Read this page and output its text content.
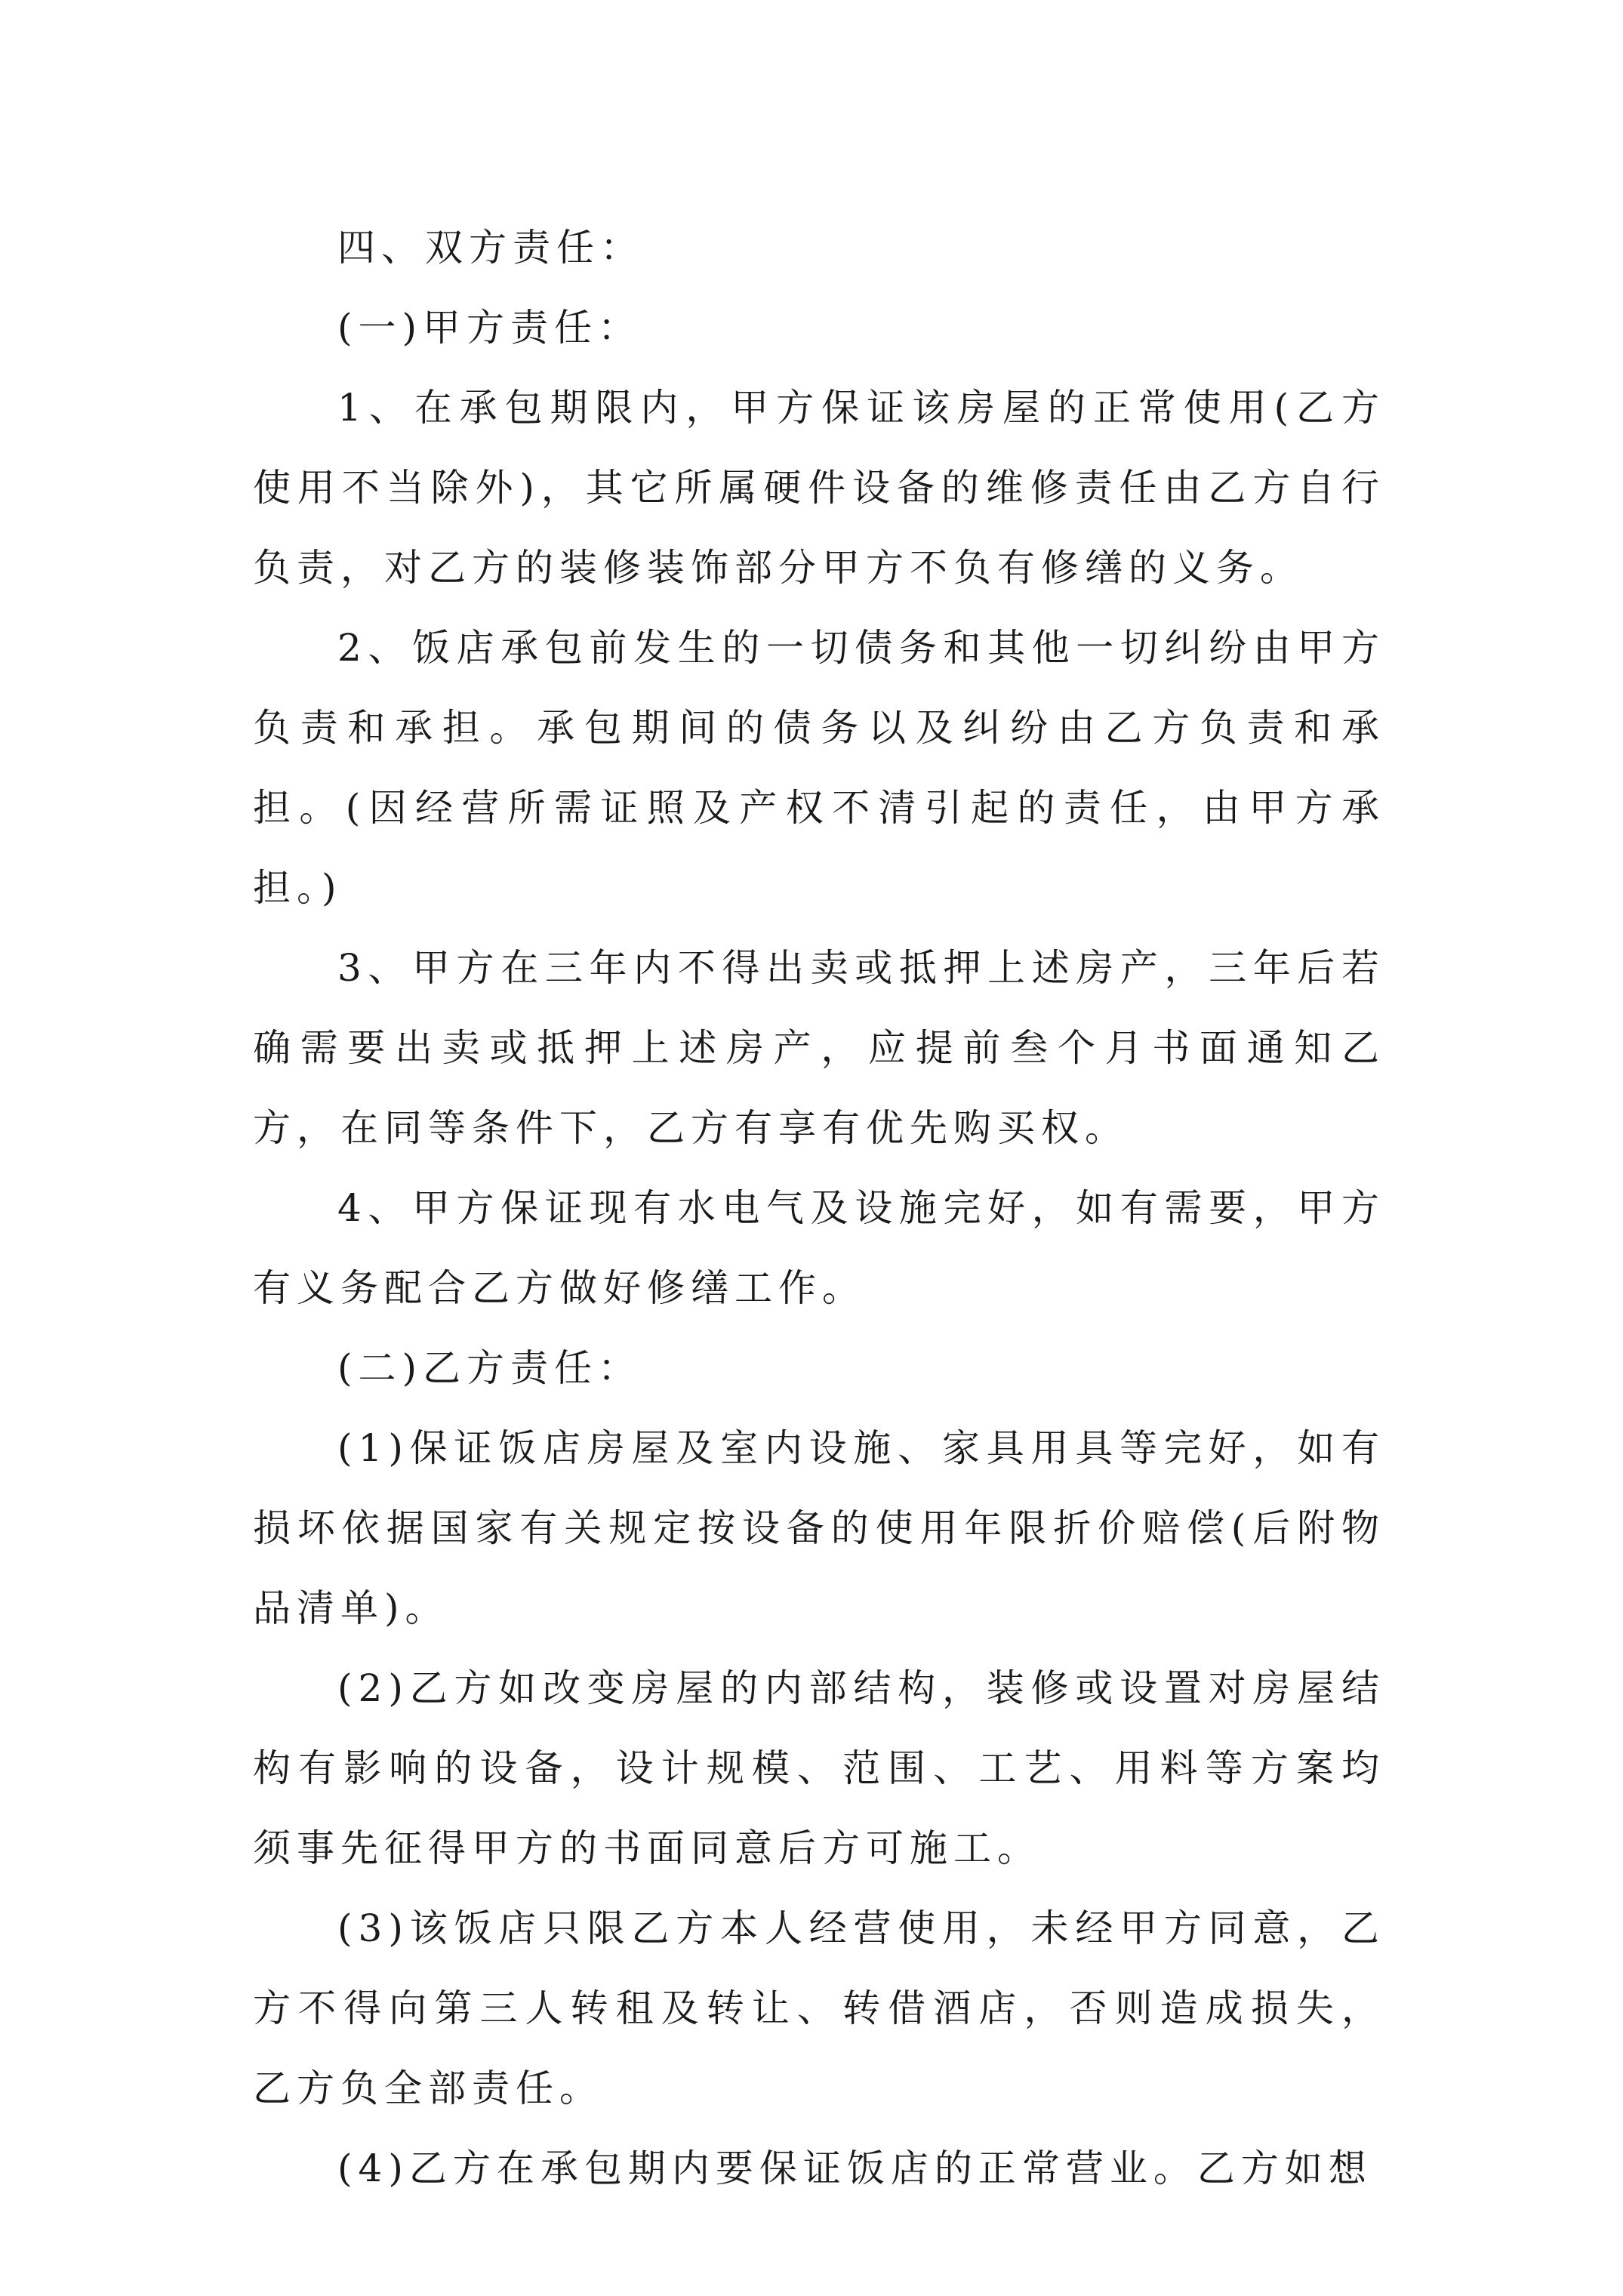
四、双方责任：

(一)甲方责任：

1、在承包期限内，甲方保证该房屋的正常使用(乙方使用不当除外)，其它所属硬件设备的维修责任由乙方自行负责，对乙方的装修装饰部分甲方不负有修缮的义务。

2、饭店承包前发生的一切债务和其他一切纠纷由甲方负责和承担。承包期间的债务以及纠纷由乙方负责和承担。(因经营所需证照及产权不清引起的责任，由甲方承担。)

3、甲方在三年内不得出卖或抵押上述房产，三年后若确需要出卖或抵押上述房产，应提前叁个月书面通知乙方，在同等条件下，乙方有享有优先购买权。

4、甲方保证现有水电气及设施完好，如有需要，甲方有义务配合乙方做好修缮工作。

(二)乙方责任：

(1)保证饭店房屋及室内设施、家具用具等完好，如有损坏依据国家有关规定按设备的使用年限折价赔偿(后附物品清单)。

(2)乙方如改变房屋的内部结构，装修或设置对房屋结构有影响的设备，设计规模、范围、工艺、用料等方案均须事先征得甲方的书面同意后方可施工。

(3)该饭店只限乙方本人经营使用，未经甲方同意，乙方不得向第三人转租及转让、转借酒店，否则造成损失，乙方负全部责任。

(4)乙方在承包期内要保证饭店的正常营业。乙方如想
